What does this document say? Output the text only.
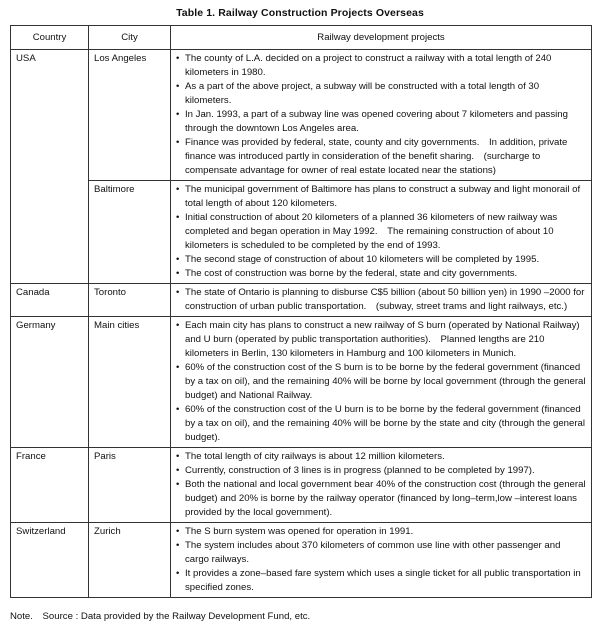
Table 1. Railway Construction Projects Overseas
Country	City	Railway development projects
USA	Los Angeles	• The county of L.A. decided on a project to construct a railway with a total length of 240 kilometers in 1980.
• As a part of the above project, a subway will be constructed with a total length of 30 kilometers.
• In Jan. 1993, a part of a subway line was opened covering about 7 kilometers and passing through the downtown Los Angeles area.
• Finance was provided by federal, state, county and city governments.　In addition, private finance was introduced partly in consideration of the benefit sharing.　(surcharge to compensate advantage for owner of real estate located near the stations)

	Baltimore	• The municipal government of Baltimore has plans to construct a subway and light monorail of total length of about 120 kilometers.
• Initial construction of about 20 kilometers of a planned 36 kilometers of new railway was completed and began operation in May 1992.　The remaining construction of about 10 kilometers is scheduled to be completed by the end of 1993.
• The second stage of construction of about 10 kilometers will be completed by 1995.
• The cost of construction was borne by the federal, state and city governments.

Canada	Toronto	• The state of Ontario is planning to disburse C$5 billion (about 50 billion yen) in 1990 –2000 for construction of urban public transportation.　(subway, street trams and light railways, etc.)

Germany	Main cities	• Each main city has plans to construct a new railway of S burn (operated by National Railway) and U burn (operated by public transportation authorities).　Planned lengths are 210 kilometers in Berlin, 130 kilometers in Hamburg and 100 kilometers in Munich.
• 60% of the construction cost of the S burn is to be borne by the federal government (financed by a tax on oil), and the remaining 40% will be borne by local government (through the general budget) and National Railway.
• 60% of the construction cost of the U burn is to be borne by the federal government (financed by a tax on oil), and the remaining 40% will be borne by the state and city (through the general budget).

France	Paris	• The total length of city railways is about 12 million kilometers.
• Currently, construction of 3 lines is in progress (planned to be completed by 1997).
• Both the national and local government bear 40% of the construction cost (through the general budget) and 20% is borne by the railway operator (financed by long–term,low –interest loans provided by the local government).

Switzerland	Zurich	• The S burn system was opened for operation in 1991.
• The system includes about 370 kilometers of common use line with other passenger and cargo railways.
• It provides a zone–based fare system which uses a single ticket for all public transportation in specified zones.
Note.　Source : Data provided by the Railway Development Fund, etc.
